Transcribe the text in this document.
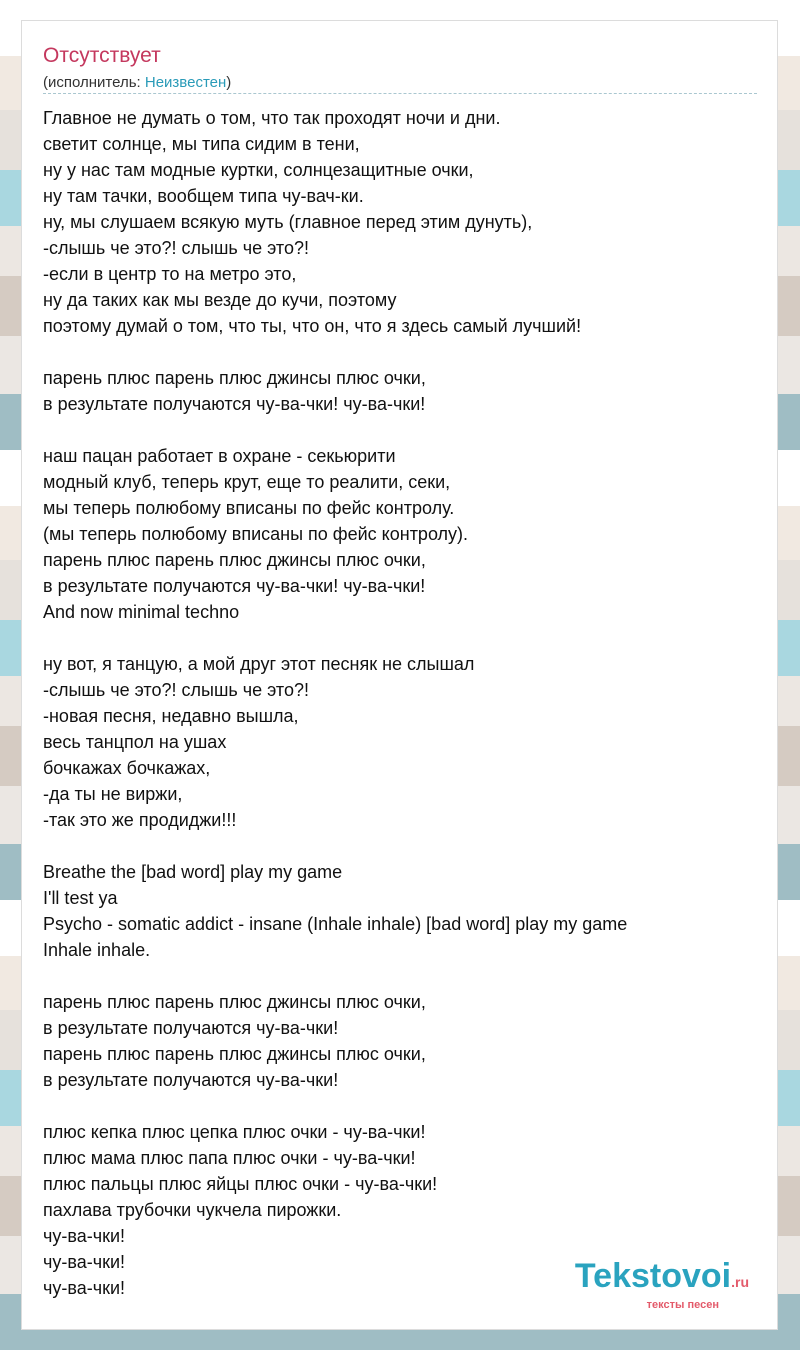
Отсутствует
(исполнитель: Неизвестен)
Главное не думать о том, что так проходят ночи и дни.
светит солнце, мы типа сидим в тени,
ну у нас там модные куртки, солнцезащитные очки,
ну там тачки, вообщем типа чу-вач-ки.
ну, мы слушаем всякую муть (главное перед этим дунуть),
-слышь че это?! слышь че это?!
-если в центр то на метро это,
ну да таких как мы везде до кучи, поэтому
поэтому думай о том, что ты, что он, что я здесь самый лучший!
парень плюс парень плюс джинсы плюс очки,
в результате получаются чу-ва-чки! чу-ва-чки!
наш пацан работает в охране - секьюрити
модный клуб, теперь крут, еще то реалити, секи,
мы теперь полюбому вписаны по фейс контролу.
(мы теперь полюбому вписаны по фейс контролу).
парень плюс парень плюс джинсы плюс очки,
в результате получаются чу-ва-чки! чу-ва-чки!
And now minimal techno
ну вот, я танцую, а мой друг этот песняк не слышал
-слышь че это?! слышь че это?!
-новая песня, недавно вышла,
весь танцпол на ушах
бочкажах бочкажах,
-да ты не виржи,
-так это же продиджи!!!
Breathe the [bad word] play my game
I'll test ya
Psycho - somatic addict - insane (Inhale inhale) [bad word] play my game
Inhale inhale.
парень плюс парень плюс джинсы плюс очки,
в результате получаются чу-ва-чки!
парень плюс парень плюс джинсы плюс очки,
в результате получаются чу-ва-чки!
плюс кепка плюс цепка плюс очки - чу-ва-чки!
плюс мама плюс папа плюс очки - чу-ва-чки!
плюс пальцы плюс яйцы плюс очки - чу-ва-чки!
пахлава трубочки чукчела пирожки.
чу-ва-чки!
чу-ва-чки!
чу-ва-чки!	Tekstovoi.ru
тексты песен
